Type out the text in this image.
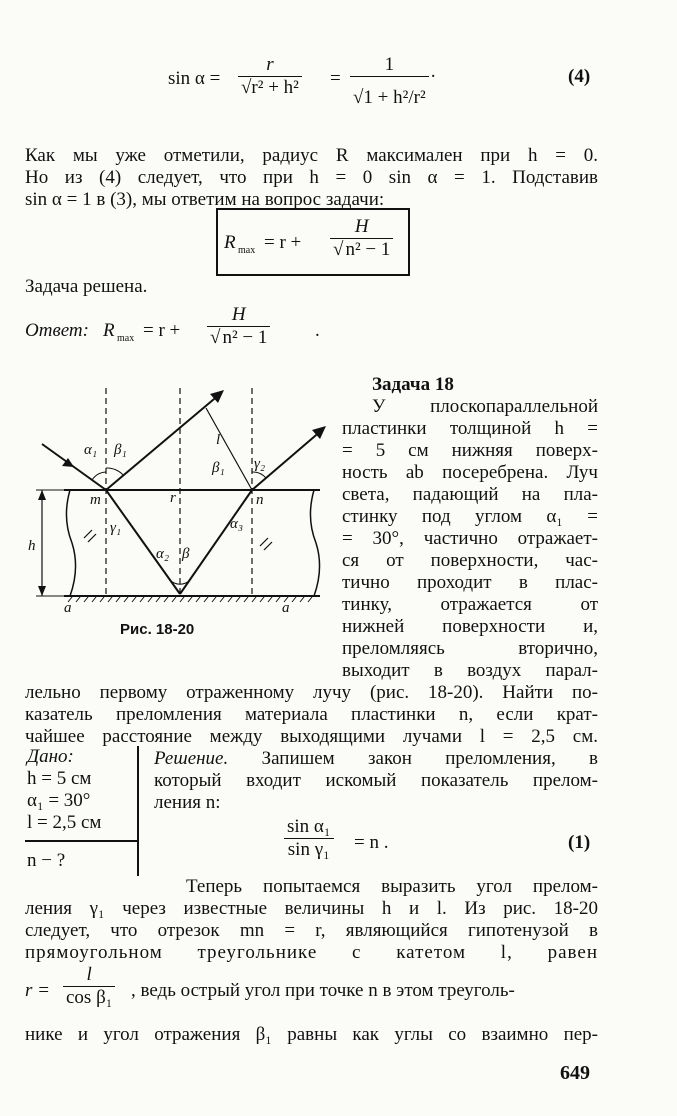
$\sin \alpha = \frac{r}{\text{√r² + h²}} = \frac{1}{\text{√1 + h²/r²}}$ ·	(4)
Как мы уже отметили, радиус R максимален при h = 0.
Но из (4) следует, что при h = 0 sin α = 1. Подставив
sin α = 1 в (3), мы ответим на вопрос задачи:
R $\max = r + \frac{H}{\text{√ n² − 1}}$
Задача решена.
Ответ: R $\max = r + \frac{H}{\text{√ n² − 1}}$ .
α₁ β₁
l
β₁ γ₂
m	r	n
h
γ₁	α₃
α₂ β
a	a
Рис. 18-20
Задача 18
У плоскопараллельной
пластинки толщиной h =
= 5 см нижняя поверх-
ность ab посеребрена. Луч
света, падающий на пла-
стинку под углом α₁ =
= 30°, частично отражает-
ся от поверхности, час-
тично проходит в плас-
тинку, отражается от
нижней поверхности и,
преломляясь вторично,
выходит в воздух парал-
лельно первому отраженному лучу (рис. 18-20). Найти по-
казатель преломления материала пластинки n, если крат-
чайшее расстояние между выходящими лучами l = 2,5 см.
Дано:
h = 5 см
α₁ = 30°
l = 2,5 см
n − ?
Решение. Запишем закон преломления, в
который входит искомый показатель прелом-
ления n:
$\frac{\text{sin α₁}}{\text{sin γ₁}} = n$ .	(1)
Теперь попытаемся выразить угол прелом-
ления γ₁ через известные величины h и l. Из рис. 18-20
следует, что отрезок mn = r, являющийся гипотенузой в
прямоугольном треугольнике с катетом l, равен
$r = \frac{l}{\text{cos β₁}}$ , ведь острый угол при точке n в этом треуголь-
нике и угол отражения β₁ равны как углы со взаимно пер-
649
